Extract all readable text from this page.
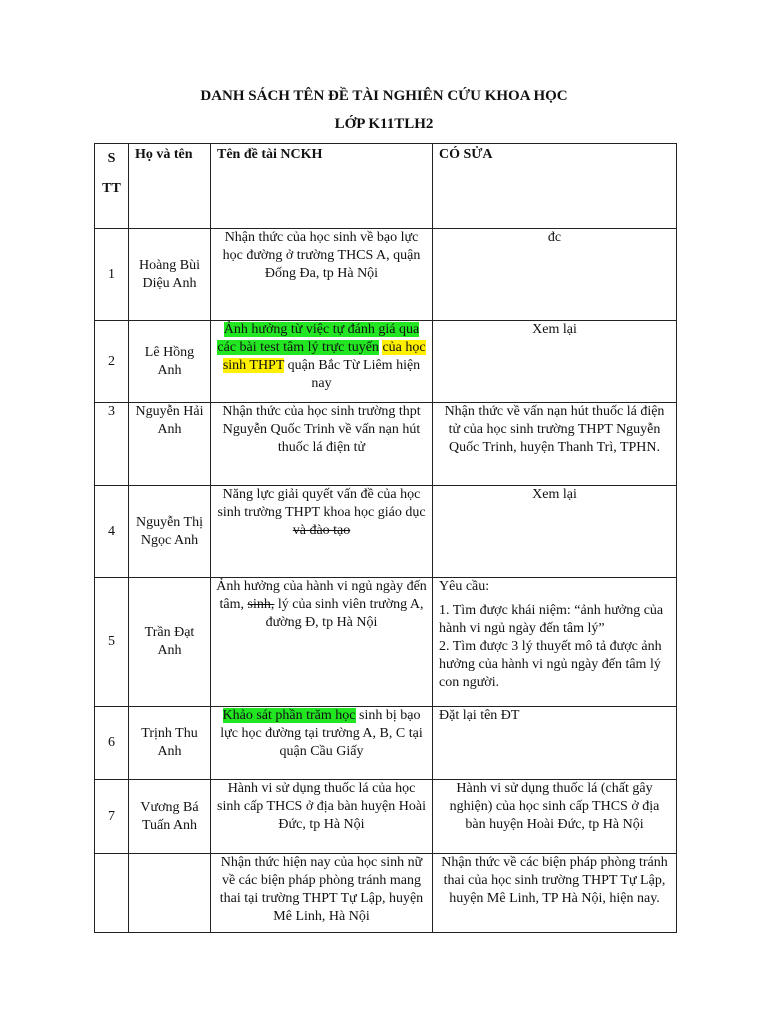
DANH SÁCH TÊN ĐỀ TÀI NGHIÊN CỨU KHOA HỌC
LỚP K11TLH2
S
TT	Họ và tên	Tên đề tài NCKH	CÓ SỬA
1	Hoàng Bùi Diệu Anh	Nhận thức của học sinh về bạo lực học đường ở trường THCS A, quận Đống Đa, tp Hà Nội	đc
2	Lê Hồng Anh	Ảnh hưởng từ việc tự đánh giá qua các bài test tâm lý trực tuyến của học sinh THPT quận Bắc Từ Liêm hiện nay	Xem lại
3	Nguyễn Hải Anh	Nhận thức của học sinh trường thpt Nguyễn Quốc Trinh về vấn nạn hút thuốc lá điện tử	Nhận thức về vấn nạn hút thuốc lá điện tử của học sinh trường THPT Nguyễn Quốc Trinh, huyện Thanh Trì, TPHN.
4	Nguyễn Thị Ngọc Anh	Năng lực giải quyết vấn đề của học sinh trường THPT khoa học giáo dục và đào tạo	Xem lại
5	Trần Đạt Anh	Ảnh hưởng của hành vi ngủ ngày đến tâm, sinh, lý của sinh viên trường A, đường Đ, tp Hà Nội	Yêu cầu:

1. Tìm được khái niệm: “ảnh hưởng của hành vi ngủ ngày đến tâm lý”

2. Tìm được 3 lý thuyết mô tả được ảnh hưởng của hành vi ngủ ngày đến tâm lý con người.

6	Trịnh Thu Anh	Khảo sát phần trăm học sinh bị bạo lực học đường tại trường A, B, C tại quận Cầu Giấy	Đặt lại tên ĐT
7	Vương Bá Tuấn Anh	Hành vi sử dụng thuốc lá của học sinh cấp THCS ở địa bàn huyện Hoài Đức, tp Hà Nội	Hành vi sử dụng thuốc lá (chất gây nghiện) của học sinh cấp THCS ở địa bàn huyện Hoài Đức, tp Hà Nội
		Nhận thức hiện nay của học sinh nữ về các biện pháp phòng tránh mang thai tại trường THPT Tự Lập, huyện Mê Linh, Hà Nội	Nhận thức về các biện pháp phòng tránh thai của học sinh trường THPT Tự Lập, huyện Mê Linh, TP Hà Nội, hiện nay.
